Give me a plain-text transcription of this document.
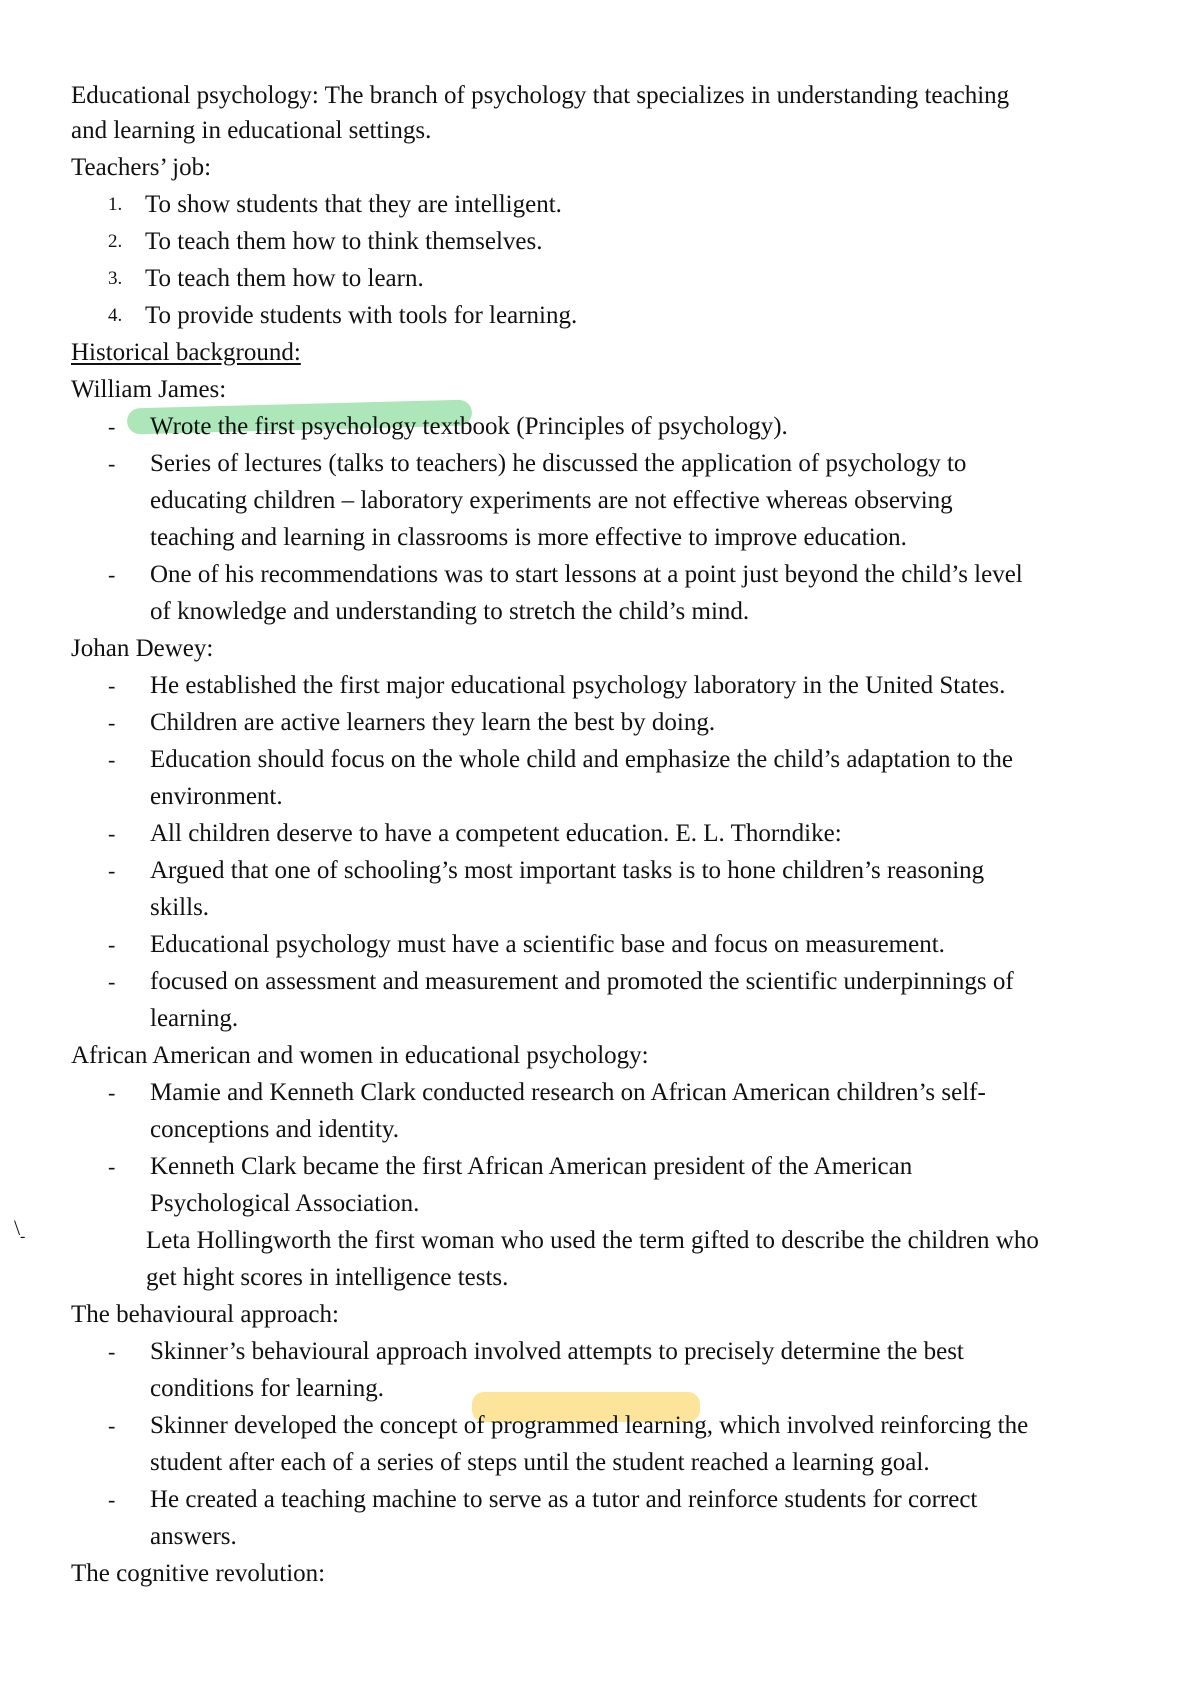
Educational psychology: The branch of psychology that specializes in understanding teaching
and learning in educational settings.
Teachers’ job:
1. To show students that they are intelligent.
2. To teach them how to think themselves.
3. To teach them how to learn.
4. To provide students with tools for learning.
Historical background:
William James:
- Wrote the first psychology textbook (Principles of psychology).
- Series of lectures (talks to teachers) he discussed the application of psychology to
educating children – laboratory experiments are not effective whereas observing
teaching and learning in classrooms is more effective to improve education.
- One of his recommendations was to start lessons at a point just beyond the child’s level
of knowledge and understanding to stretch the child’s mind.
Johan Dewey:
- He established the first major educational psychology laboratory in the United States.
- Children are active learners they learn the best by doing.
- Education should focus on the whole child and emphasize the child’s adaptation to the
environment.
- All children deserve to have a competent education. E. L. Thorndike:
- Argued that one of schooling’s most important tasks is to hone children’s reasoning
skills.
- Educational psychology must have a scientific base and focus on measurement.
- focused on assessment and measurement and promoted the scientific underpinnings of
learning.
African American and women in educational psychology:
- Mamie and Kenneth Clark conducted research on African American children’s self-
conceptions and identity.
- Kenneth Clark became the first African American president of the American
Psychological Association.
\ -	Leta Hollingworth the first woman who used the term gifted to describe the children who
get hight scores in intelligence tests.
The behavioural approach:
- Skinner’s behavioural approach involved attempts to precisely determine the best
conditions for learning.
- Skinner developed the concept of programmed learning, which involved reinforcing the
student after each of a series of steps until the student reached a learning goal.
- He created a teaching machine to serve as a tutor and reinforce students for correct
answers.
The cognitive revolution:
